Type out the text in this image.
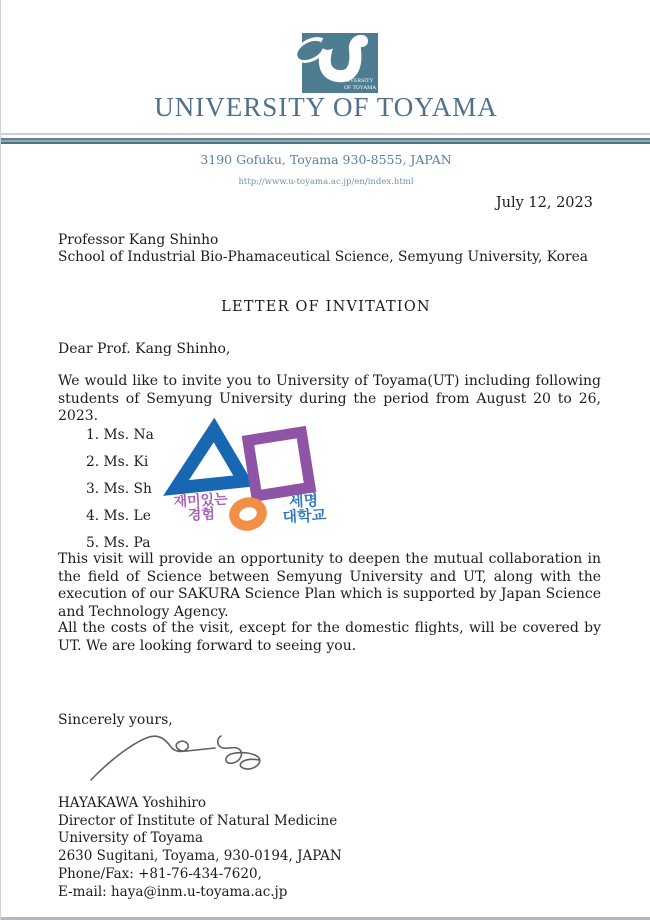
UNIVERSITY
OF TOYAMA
UNIVERSITY OF TOYAMA
3190 Gofuku, Toyama 930-8555, JAPAN
http://www.u-toyama.ac.jp/en/index.html
July 12, 2023
Professor Kang Shinho
School of Industrial Bio-Phamaceutical Science, Semyung University, Korea
LETTER OF INVITATION
Dear Prof. Kang Shinho,
We would like to invite you to University of Toyama(UT) including following students of Semyung University during the period from August 20 to 26, 2023.
1. Ms. Na
2. Ms. Ki
3. Ms. Sh
4. Ms. Le
5. Ms. Pa
재미있는
경험
세명
대학교
This visit will provide an opportunity to deepen the mutual collaboration in the field of Science between Semyung University and UT, along with the execution of our SAKURA Science Plan which is supported by Japan Science and Technology Agency.
All the costs of the visit, except for the domestic flights, will be covered by UT. We are looking forward to seeing you.
Sincerely yours,
HAYAKAWA Yoshihiro
Director of Institute of Natural Medicine
University of Toyama
2630 Sugitani, Toyama, 930-0194, JAPAN
Phone/Fax: +81-76-434-7620,
E-mail: haya@inm.u-toyama.ac.jp
